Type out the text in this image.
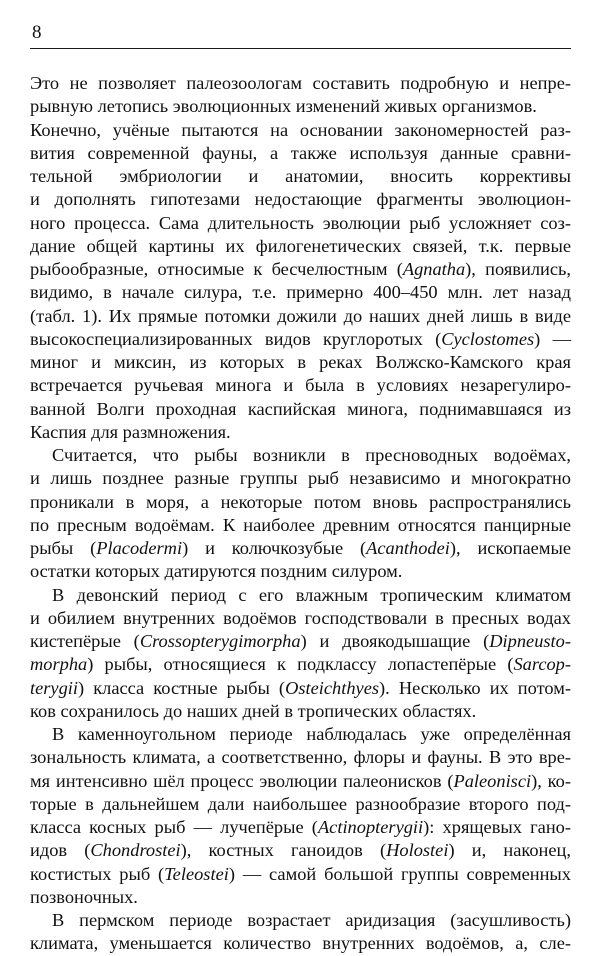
8
Это не позволяет палеозоологам составить подробную и непре-
рывную летопись эволюционных изменений живых организмов.
Конечно, учёные пытаются на основании закономерностей раз-
вития современной фауны, а также используя данные сравни-
тельной эмбриологии и анатомии, вносить коррективы
и дополнять гипотезами недостающие фрагменты эволюцион-
ного процесса. Сама длительность эволюции рыб усложняет соз-
дание общей картины их филогенетических связей, т.к. первые
рыбообразные, относимые к бесчелюстным (Agnatha), появились,
видимо, в начале силура, т.е. примерно 400–450 млн. лет назад
(табл. 1). Их прямые потомки дожили до наших дней лишь в виде
высокоспециализированных видов круглоротых (Cyclostomes) —
миног и миксин, из которых в реках Волжско-Камского края
встречается ручьевая минога и была в условиях незарегулиро-
ванной Волги проходная каспийская минога, поднимавшаяся из
Каспия для размножения.
Считается, что рыбы возникли в пресноводных водоёмах,
и лишь позднее разные группы рыб независимо и многократно
проникали в моря, а некоторые потом вновь распространялись
по пресным водоёмам. К наиболее древним относятся панцирные
рыбы (Placodermi) и колючкозубые (Acanthodei), ископаемые
остатки которых датируются поздним силуром.
В девонский период с его влажным тропическим климатом
и обилием внутренних водоёмов господствовали в пресных водах
кистепёрые (Crossopterygimorpha) и двоякодышащие (Dipneusto-
morpha) рыбы, относящиеся к подклассу лопастепёрые (Sarcop-
terygii) класса костные рыбы (Osteichthyes). Несколько их потом-
ков сохранилось до наших дней в тропических областях.
В каменноугольном периоде наблюдалась уже определённая
зональность климата, а соответственно, флоры и фауны. В это вре-
мя интенсивно шёл процесс эволюции палеонисков (Paleonisci), ко-
торые в дальнейшем дали наибольшее разнообразие второго под-
класса косных рыб — лучепёрые (Actinopterygii): хрящевых гано-
идов (Chondrostei), костных ганоидов (Holostei) и, наконец,
костистых рыб (Teleostei) — самой большой группы современных
позвоночных.
В пермском периоде возрастает аридизация (засушливость)
климата, уменьшается количество внутренних водоёмов, а, сле-
